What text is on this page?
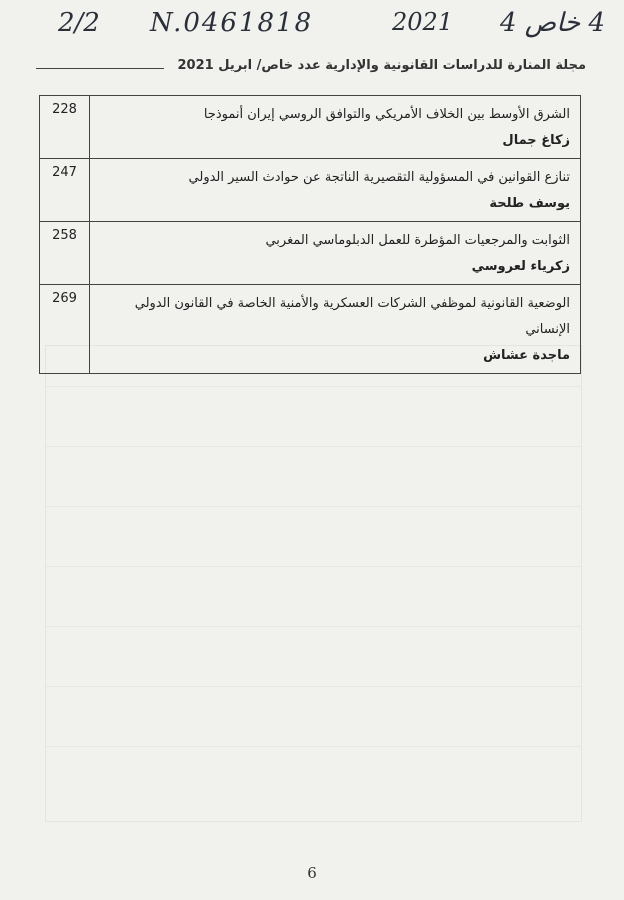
2/2 N‎.‎0461818	2021 4 خاص 4
مجلة المنارة للدراسات القانونية والإدارية عدد خاص/ ابريل 2021
الشرق الأوسط بين الخلاف الأمريكي والتوافق الروسي إيران أنموذجا
زكاغ جمال	228

تنازع القوانين في المسؤولية التقصيرية الناتجة عن حوادث السير الدولي
يوسف طلحة	247

الثوابت والمرجعيات المؤطرة للعمل الدبلوماسي المغربي
زكرياء لعروسي	258

الوضعية القانونية لموظفي الشركات العسكرية والأمنية الخاصة في القانون الدولي الإنساني
ماجدة عشاش	269
6
